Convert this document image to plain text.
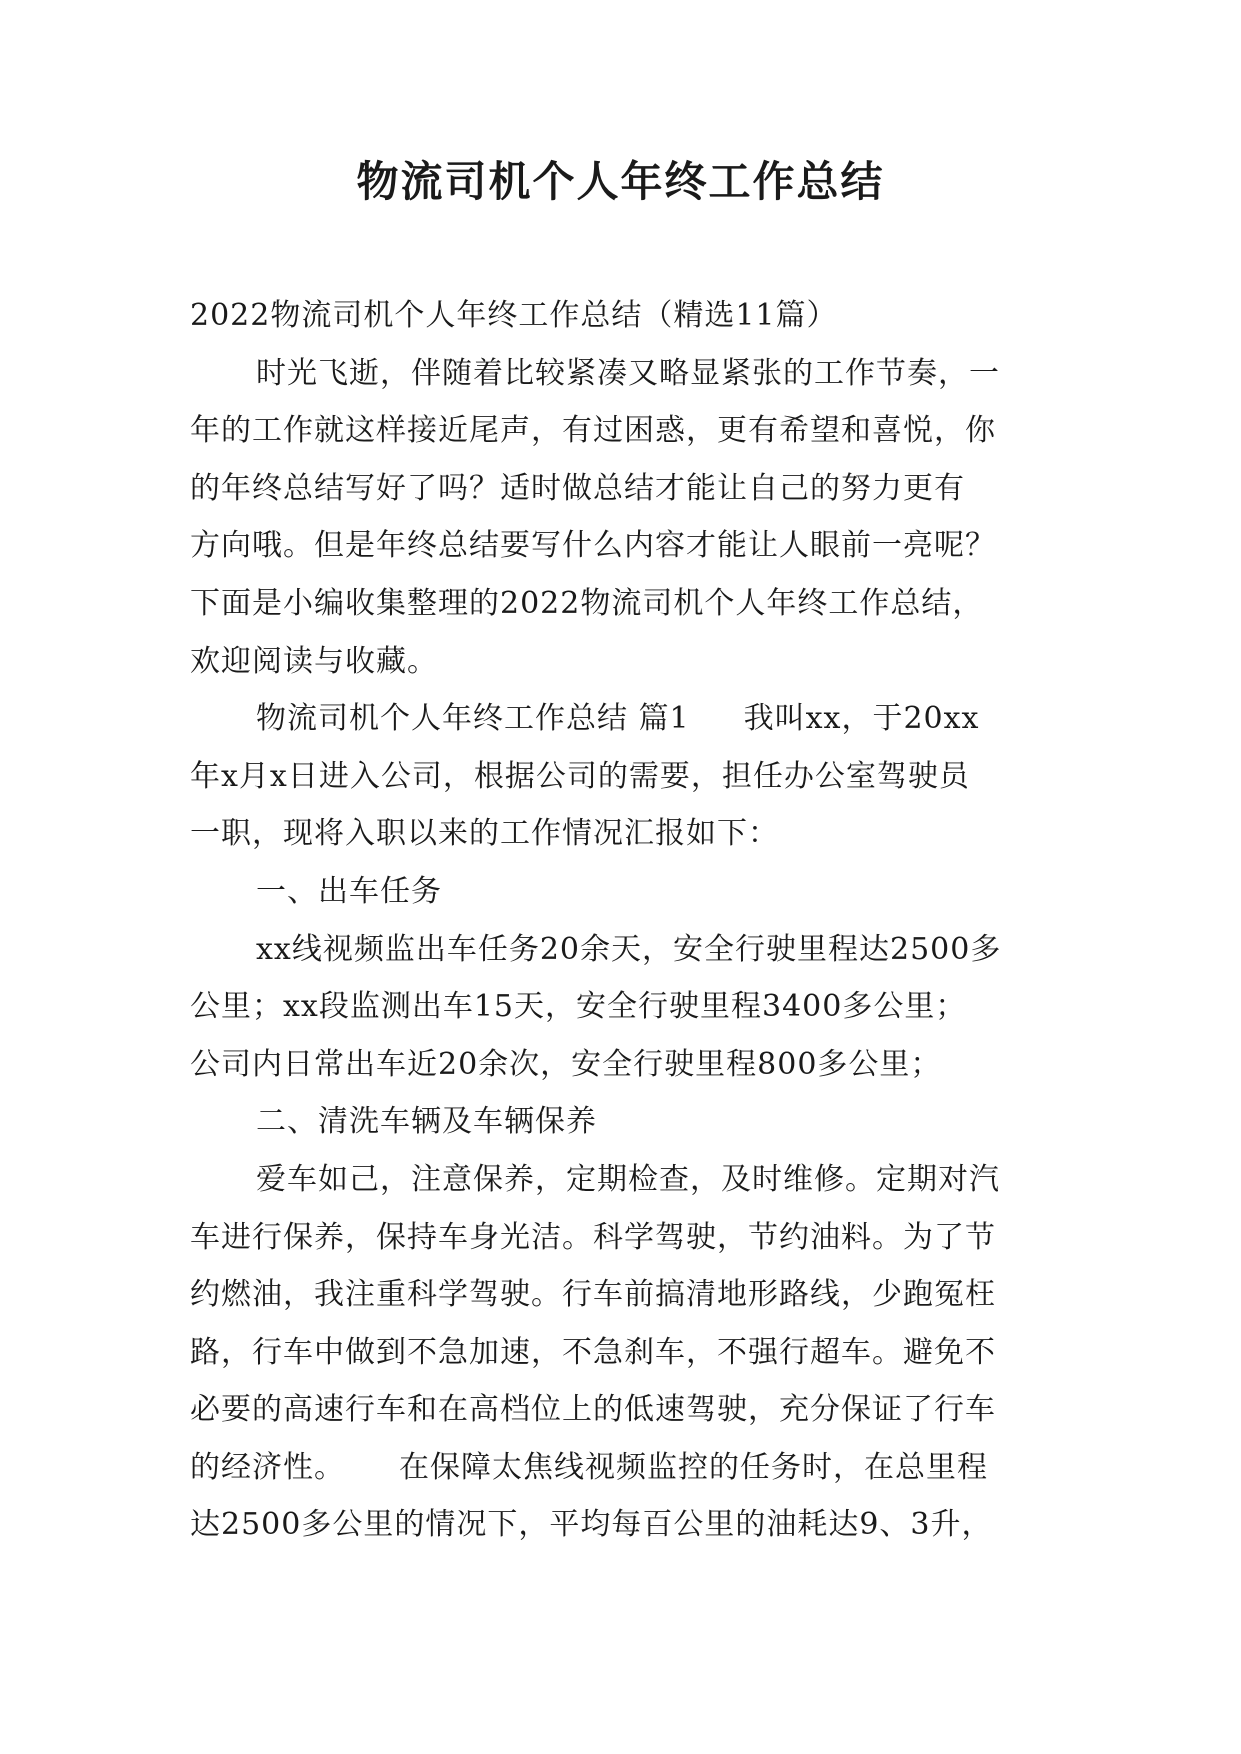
物流司机个人年终工作总结
2022物流司机个人年终工作总结（精选11篇）
时光飞逝，伴随着比较紧凑又略显紧张的工作节奏，一
年的工作就这样接近尾声，有过困惑，更有希望和喜悦，你
的年终总结写好了吗？适时做总结才能让自己的努力更有
方向哦。但是年终总结要写什么内容才能让人眼前一亮呢？
下面是小编收集整理的2022物流司机个人年终工作总结，
欢迎阅读与收藏。
物流司机个人年终工作总结 篇1 我叫xx，于20xx
年x月x日进入公司，根据公司的需要，担任办公室驾驶员
一职，现将入职以来的工作情况汇报如下：
一、出车任务
xx线视频监出车任务20余天，安全行驶里程达2500多
公里；xx段监测出车15天，安全行驶里程3400多公里；
公司内日常出车近20余次，安全行驶里程800多公里；
二、清洗车辆及车辆保养
爱车如己，注意保养，定期检查，及时维修。定期对汽
车进行保养，保持车身光洁。科学驾驶，节约油料。为了节
约燃油，我注重科学驾驶。行车前搞清地形路线，少跑冤枉
路，行车中做到不急加速，不急刹车，不强行超车。避免不
必要的高速行车和在高档位上的低速驾驶，充分保证了行车
的经济性。 在保障太焦线视频监控的任务时，在总里程
达2500多公里的情况下，平均每百公里的油耗达9、3升，
